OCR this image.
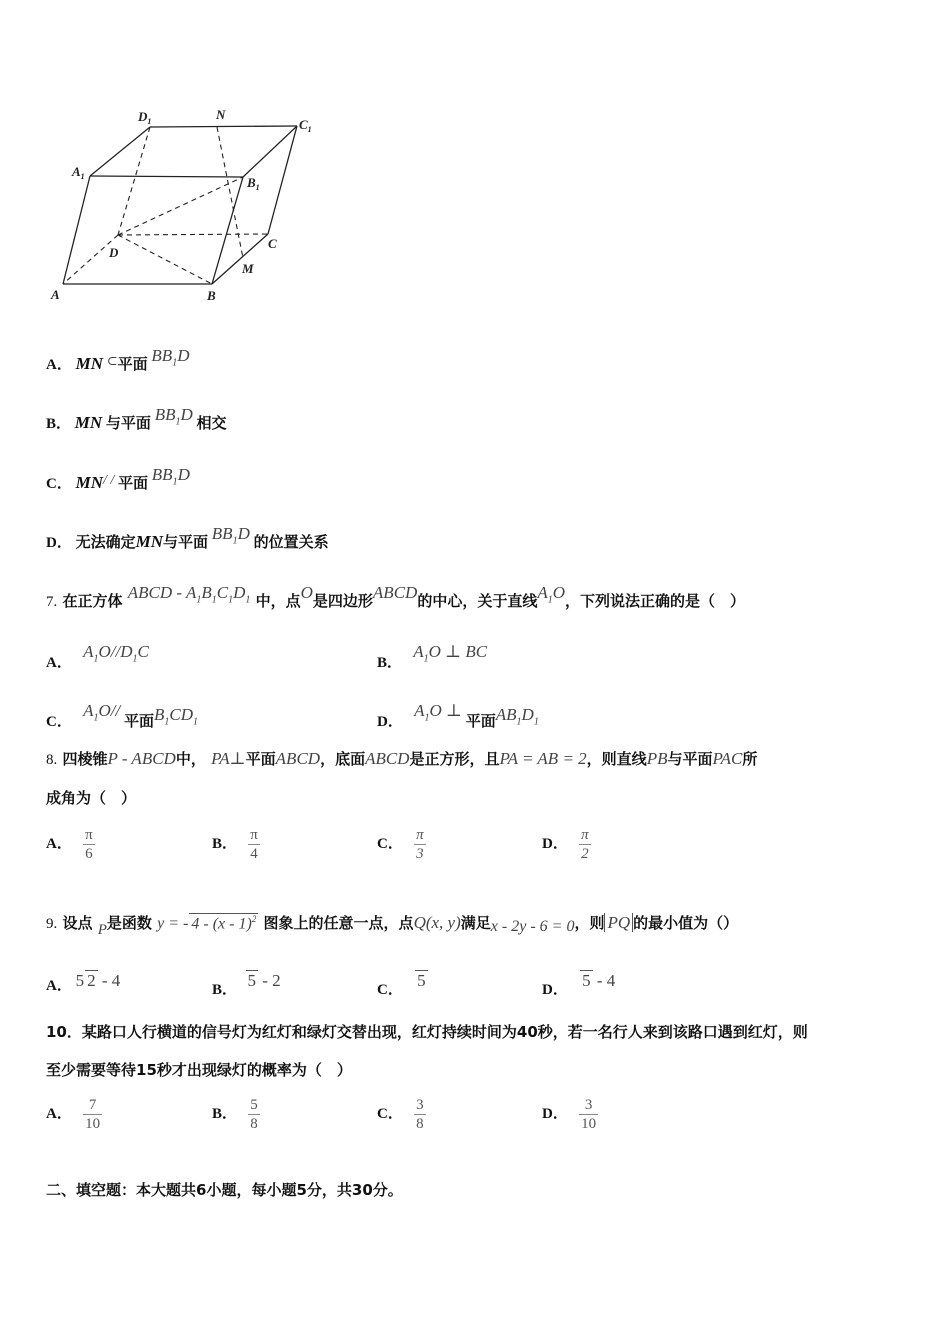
$D_1$	N
$C_1$
$A_1$	$B_1$
D
C
M
A	B
A． MN ⊂平面 $BB_1D$
B． MN 与平面 $BB_1D$ 相交
C． MN/ / 平面 $BB_1D$
D． 无法确定MN与平面 $BB_1D$ 的位置关系
7. 在正方体 ABCD - $A_1B_1C_1D_1$ 中，点O是四边形ABCD的中心，关于直线$A_1O$，下列说法正确的是（　）
A．   $A_1O//D_1C$
B．   $A_1O$ ⊥ BC
C．   $A_1O//$ 平面$B_1CD_1$	D．   $A_1O$ ⊥ 平面$AB_1D_1$
8. 四棱锥P - ABCD中， PA⊥平面ABCD，底面ABCD是正方形，且PA = AB = 2，则直线PB与平面PAC所
成角为（　）
A． $\frac{\pi}{6}$	B． $\frac{\pi}{4}$	C． $\frac{\pi}{3}$	D． $\frac{\pi}{2}$
9. 设点 P是函数 y = - 4 - (x - 1)$^2$ 图象上的任意一点，点Q(x, y)满足x - 2y - 6 = 0，则 PQ 的最小值为（）
A． 5 2 - 4	B． 5 - 2	C． 5	D． 5 - 4
10．某路口人行横道的信号灯为红灯和绿灯交替出现，红灯持续时间为40秒，若一名行人来到该路口遇到红灯，则
至少需要等待15秒才出现绿灯的概率为（　）
A． $\frac{7}{10}$	B． $\frac{5}{8}$	C． $\frac{3}{8}$	D． $\frac{3}{10}$
二、填空题：本大题共6小题，每小题5分，共30分。
